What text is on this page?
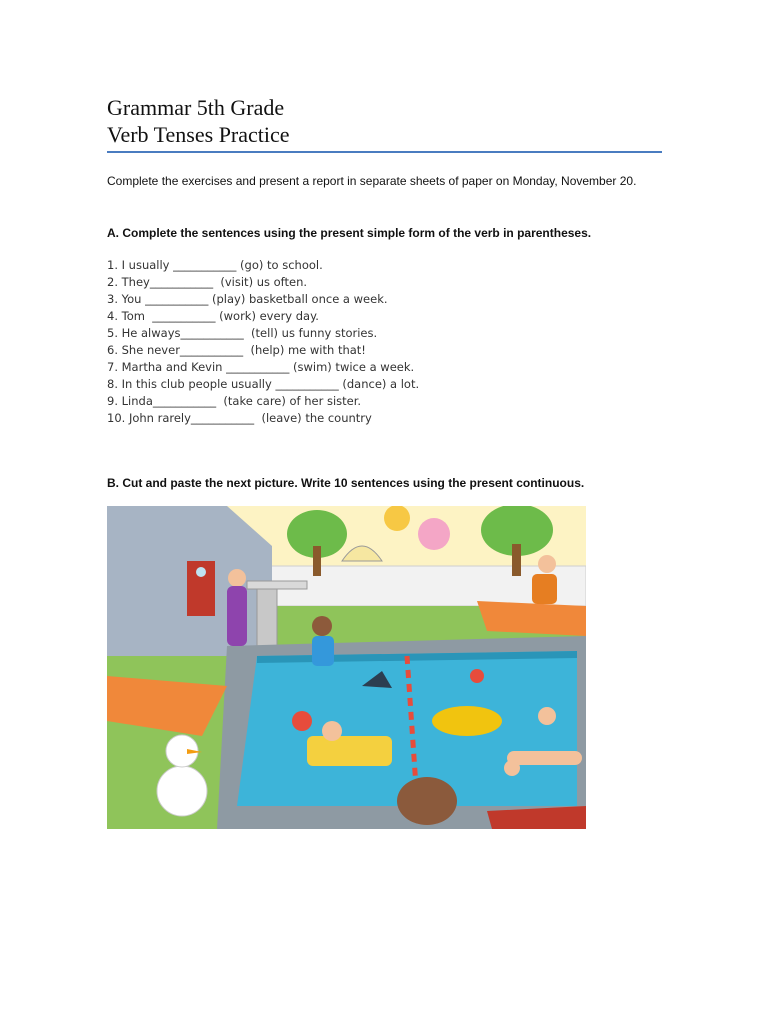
Grammar 5th Grade
Verb Tenses Practice

Complete the exercises and present a report in separate sheets of paper on Monday, November 20.

A. Complete the sentences using the present simple form of the verb in parentheses.

1. I usually ___________ (go) to school.
2. They___________  (visit) us often.
3. You ___________ (play) basketball once a week.
4. Tom  ___________ (work) every day.
5. He always___________  (tell) us funny stories.
6. She never___________  (help) me with that!
7. Martha and Kevin ___________ (swim) twice a week.
8. In this club people usually ___________ (dance) a lot.
9. Linda___________  (take care) of her sister.
10. John rarely___________  (leave) the country

B. Cut and paste the next picture. Write 10 sentences using the present continuous.
